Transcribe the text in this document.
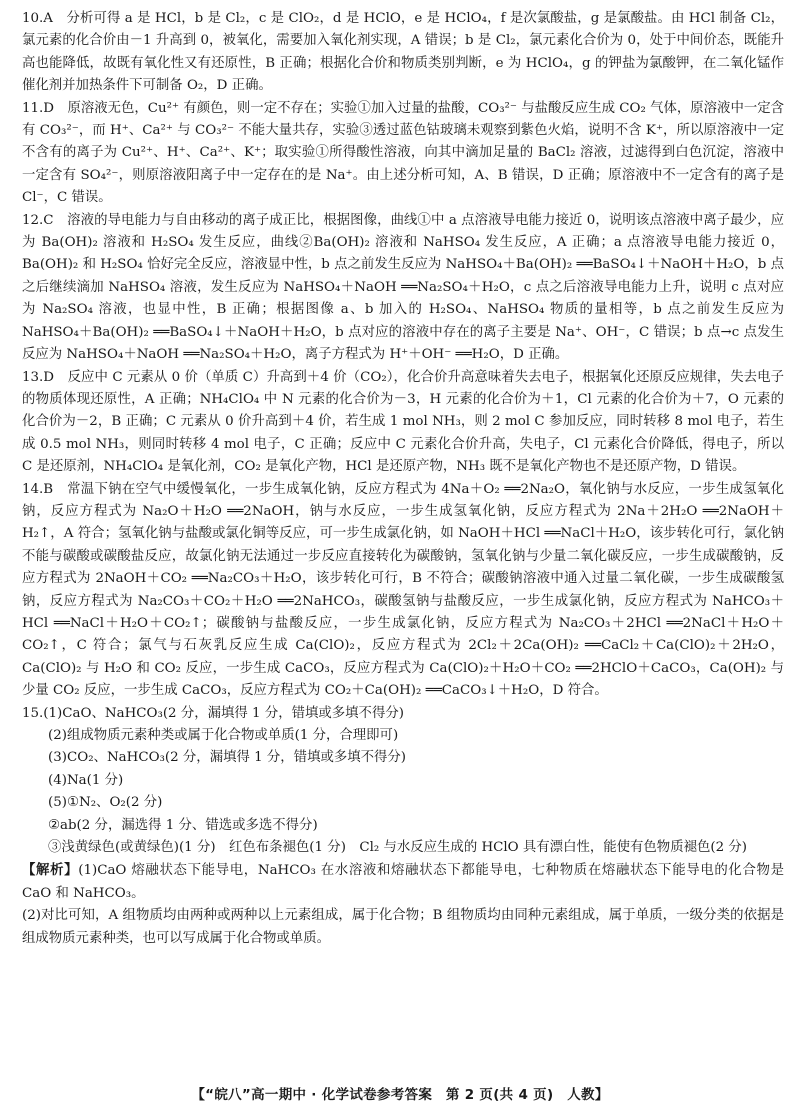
10.A　 分析可得 a 是 HCl，b 是 Cl₂，c 是 ClO₂，d 是 HClO，e 是 HClO₄，f 是次氯酸盐，g 是氯酸盐。由 HCl 制备 Cl₂，氯元素的化合价由－1 升高到 0，被氧化，需要加入氧化剂实现，A 错误；b 是 Cl₂，氯元素化合价为 0，处于中间价态，既能升高也能降低，故既有氧化性又有还原性，B 正确；根据化合价和物质类别判断，e 为 HClO₄，g 的钾盐为氯酸钾，在二氧化锰作催化剂并加热条件下可制备 O₂，D 正确。

11.D　 原溶液无色，Cu²⁺ 有颜色，则一定不存在；实验①加入过量的盐酸，CO₃²⁻ 与盐酸反应生成 CO₂ 气体，原溶液中一定含有 CO₃²⁻，而 H⁺、Ca²⁺ 与 CO₃²⁻ 不能大量共存，实验③透过蓝色钴玻璃未观察到紫色火焰，说明不含 K⁺，所以原溶液中一定不含有的离子为 Cu²⁺、H⁺、Ca²⁺、K⁺；取实验①所得酸性溶液，向其中滴加足量的 BaCl₂ 溶液，过滤得到白色沉淀，溶液中一定含有 SO₄²⁻，则原溶液阳离子中一定存在的是 Na⁺。由上述分析可知，A、B 错误，D 正确；原溶液中不一定含有的离子是 Cl⁻，C 错误。

12.C　 溶液的导电能力与自由移动的离子成正比，根据图像，曲线①中 a 点溶液导电能力接近 0，说明该点溶液中离子最少，应为 Ba(OH)₂ 溶液和 H₂SO₄ 发生反应，曲线②Ba(OH)₂ 溶液和 NaHSO₄ 发生反应，A 正确；a 点溶液导电能力接近 0，Ba(OH)₂ 和 H₂SO₄ 恰好完全反应，溶液显中性，b 点之前发生反应为 NaHSO₄＋Ba(OH)₂ ══BaSO₄↓＋NaOH＋H₂O，b 点之后继续滴加 NaHSO₄ 溶液，发生反应为 NaHSO₄＋NaOH ══Na₂SO₄＋H₂O，c 点之后溶液导电能力上升，说明 c 点对应为 Na₂SO₄ 溶液，也显中性，B 正确；根据图像 a、b 加入的 H₂SO₄、NaHSO₄ 物质的量相等，b 点之前发生反应为 NaHSO₄＋Ba(OH)₂ ══BaSO₄↓＋NaOH＋H₂O，b 点对应的溶液中存在的离子主要是 Na⁺、OH⁻，C 错误；b 点→c 点发生反应为 NaHSO₄＋NaOH ══Na₂SO₄＋H₂O，离子方程式为 H⁺＋OH⁻ ══H₂O，D 正确。

13.D　 反应中 C 元素从 0 价（单质 C）升高到＋4 价（CO₂），化合价升高意味着失去电子，根据氧化还原反应规律，失去电子的物质体现还原性，A 正确；NH₄ClO₄ 中 N 元素的化合价为－3，H 元素的化合价为＋1，Cl 元素的化合价为＋7，O 元素的化合价为－2，B 正确；C 元素从 0 价升高到＋4 价，若生成 1 mol NH₃，则 2 mol C 参加反应，同时转移 8 mol 电子，若生成 0.5 mol NH₃，则同时转移 4 mol 电子，C 正确；反应中 C 元素化合价升高，失电子，Cl 元素化合价降低，得电子，所以 C 是还原剂，NH₄ClO₄ 是氧化剂，CO₂ 是氧化产物，HCl 是还原产物，NH₃ 既不是氧化产物也不是还原产物，D 错误。

14.B　 常温下钠在空气中缓慢氧化，一步生成氧化钠，反应方程式为 4Na＋O₂ ══2Na₂O，氧化钠与水反应，一步生成氢氧化钠，反应方程式为 Na₂O＋H₂O ══2NaOH，钠与水反应，一步生成氢氧化钠，反应方程式为 2Na＋2H₂O ══2NaOH＋H₂↑，A 符合；氢氧化钠与盐酸或氯化铜等反应，可一步生成氯化钠，如 NaOH＋HCl ══NaCl＋H₂O，该步转化可行，氯化钠不能与碳酸或碳酸盐反应，故氯化钠无法通过一步反应直接转化为碳酸钠，氢氧化钠与少量二氧化碳反应，一步生成碳酸钠，反应方程式为 2NaOH＋CO₂ ══Na₂CO₃＋H₂O，该步转化可行，B 不符合；碳酸钠溶液中通入过量二氧化碳，一步生成碳酸氢钠，反应方程式为 Na₂CO₃＋CO₂＋H₂O ══2NaHCO₃，碳酸氢钠与盐酸反应，一步生成氯化钠，反应方程式为 NaHCO₃＋HCl ══NaCl＋H₂O＋CO₂↑；碳酸钠与盐酸反应，一步生成氯化钠，反应方程式为 Na₂CO₃＋2HCl ══2NaCl＋H₂O＋CO₂↑，C 符合；氯气与石灰乳反应生成 Ca(ClO)₂，反应方程式为 2Cl₂＋2Ca(OH)₂ ══CaCl₂＋Ca(ClO)₂＋2H₂O，Ca(ClO)₂ 与 H₂O 和 CO₂ 反应，一步生成 CaCO₃，反应方程式为 Ca(ClO)₂＋H₂O＋CO₂ ══2HClO＋CaCO₃，Ca(OH)₂ 与少量 CO₂ 反应，一步生成 CaCO₃，反应方程式为 CO₂＋Ca(OH)₂ ══CaCO₃↓＋H₂O，D 符合。

15.(1)CaO、NaHCO₃(2 分，漏填得 1 分，错填或多填不得分)

(2)组成物质元素种类或属于化合物或单质(1 分，合理即可)

(3)CO₂、NaHCO₃(2 分，漏填得 1 分，错填或多填不得分)

(4)Na(1 分)

(5)①N₂、O₂(2 分)

②ab(2 分，漏选得 1 分、错选或多选不得分)

③浅黄绿色(或黄绿色)(1 分)　红色布条褪色(1 分)　Cl₂ 与水反应生成的 HClO 具有漂白性，能使有色物质褪色(2 分)

【解析】(1)CaO 熔融状态下能导电，NaHCO₃ 在水溶液和熔融状态下都能导电，七种物质在熔融状态下能导电的化合物是 CaO 和 NaHCO₃。

(2)对比可知，A 组物质均由两种或两种以上元素组成，属于化合物；B 组物质均由同种元素组成，属于单质，一级分类的依据是组成物质元素种类，也可以写成属于化合物或单质。

【“皖八”高一期中 · 化学试卷参考答案　第 2 页(共 4 页)　人教】
